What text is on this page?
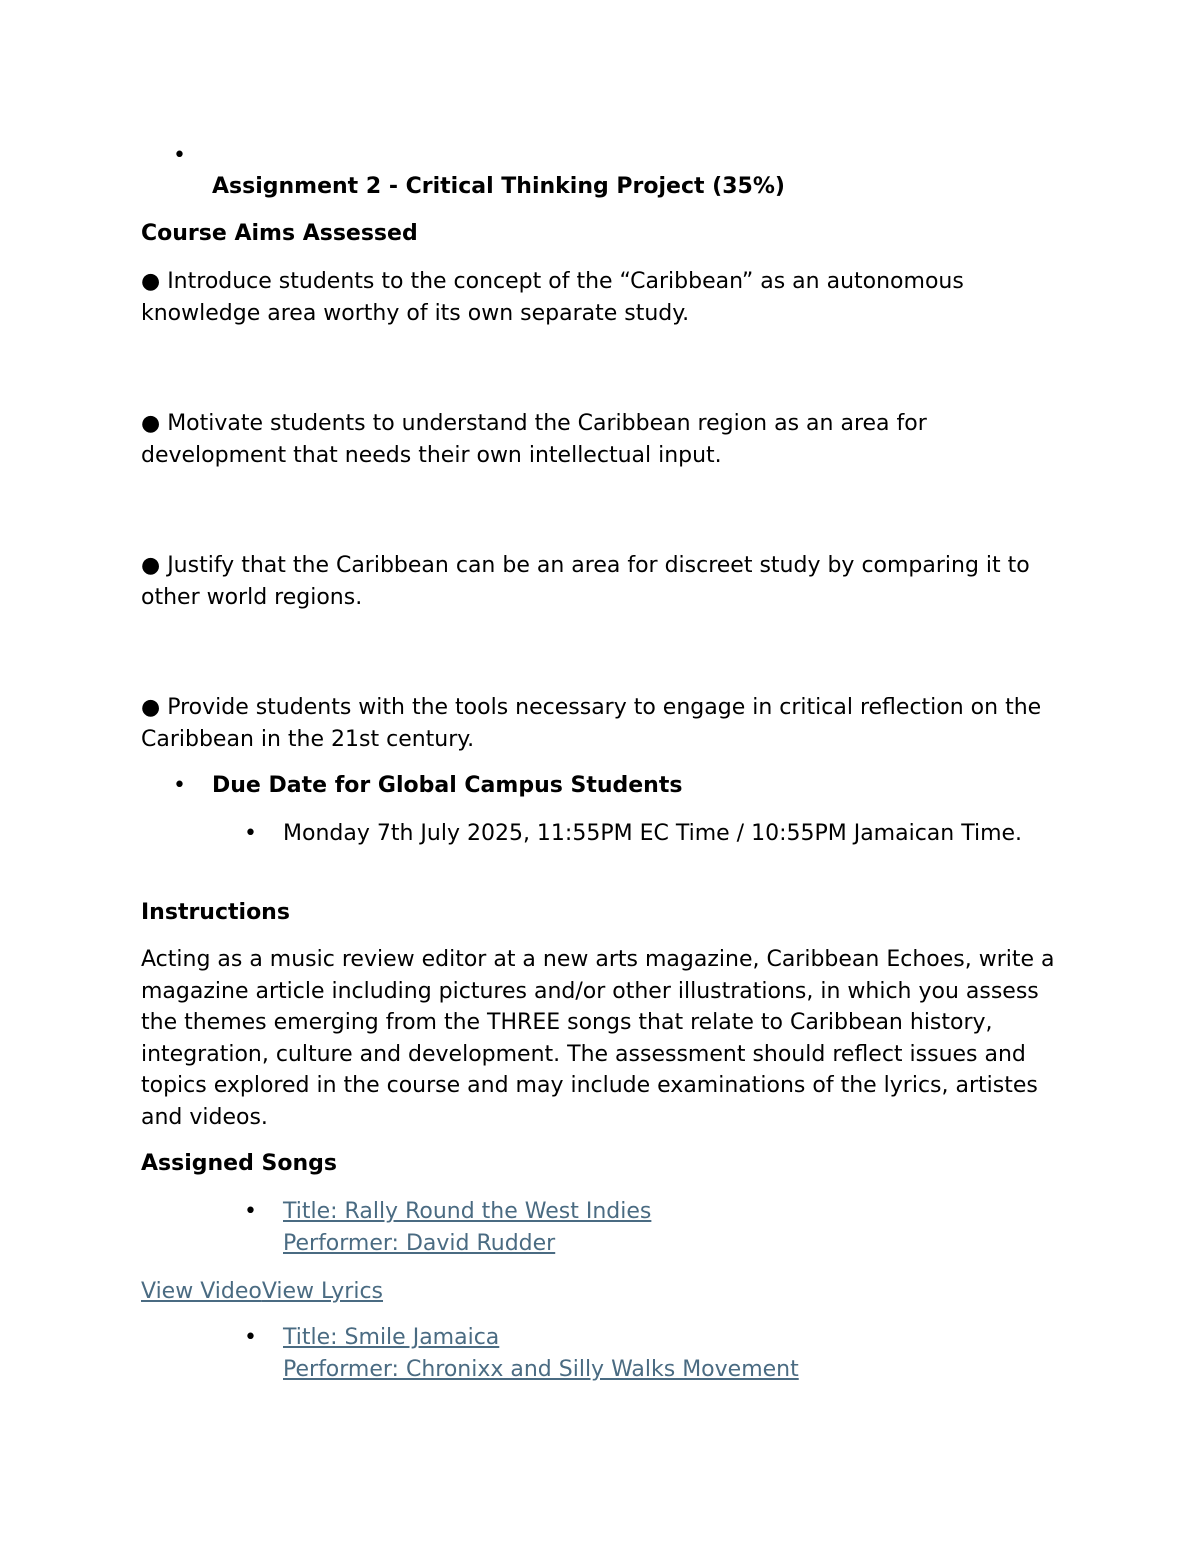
•

Assignment 2 - Critical Thinking Project (35%)

Course Aims Assessed

● Introduce students to the concept of the “Caribbean” as an autonomous knowledge area worthy of its own separate study.

● Motivate students to understand the Caribbean region as an area for development that needs their own intellectual input.

● Justify that the Caribbean can be an area for discreet study by comparing it to other world regions.

● Provide students with the tools necessary to engage in critical reflection on the Caribbean in the 21st century.

• Due Date for Global Campus Students

• Monday 7th July 2025, 11:55PM EC Time / 10:55PM Jamaican Time.

Instructions

Acting as a music review editor at a new arts magazine, Caribbean Echoes, write a magazine article including pictures and/or other illustrations, in which you assess the themes emerging from the THREE songs that relate to Caribbean history, integration, culture and development. The assessment should reflect issues and topics explored in the course and may include examinations of the lyrics, artistes and videos.

Assigned Songs

• Title: Rally Round the West Indies
Performer: David Rudder

View VideoView Lyrics

• Title: Smile Jamaica
Performer: Chronixx and Silly Walks Movement
